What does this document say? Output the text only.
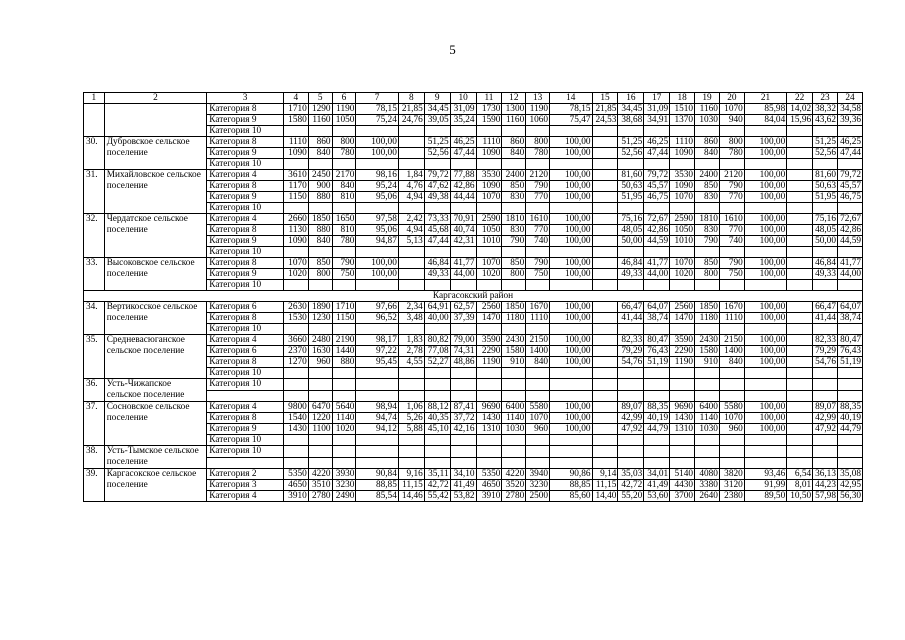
5
1	2	3	4	5	6	7	8	9	10	11	12	13	14	15	16	17	18	19	20	21	22	23	24
		Категория 8	1710	1290	1190	78,15	21,85	34,45	31,09	1730	1300	1190	78,15	21,85	34,45	31,09	1510	1160	1070	85,98	14,02	38,32	34,58
		Категория 9	1580	1160	1050	75,24	24,76	39,05	35,24	1590	1160	1060	75,47	24,53	38,68	34,91	1370	1030	940	84,04	15,96	43,62	39,36
		Категория 10																					
30.	Дубровское сельское поселение	Категория 8	1110	860	800	100,00		51,25	46,25	1110	860	800	100,00		51,25	46,25	1110	860	800	100,00		51,25	46,25
		Категория 9	1090	840	780	100,00		52,56	47,44	1090	840	780	100,00		52,56	47,44	1090	840	780	100,00		52,56	47,44
		Категория 10																					
31.	Михайловское сельское поселение	Категория 4	3610	2450	2170	98,16	1,84	79,72	77,88	3530	2400	2120	100,00		81,60	79,72	3530	2400	2120	100,00		81,60	79,72
		Категория 8	1170	900	840	95,24	4,76	47,62	42,86	1090	850	790	100,00		50,63	45,57	1090	850	790	100,00		50,63	45,57
		Категория 9	1150	880	810	95,06	4,94	49,38	44,44	1070	830	770	100,00		51,95	46,75	1070	830	770	100,00		51,95	46,75
		Категория 10																					
32.	Чердатское сельское поселение	Категория 4	2660	1850	1650	97,58	2,42	73,33	70,91	2590	1810	1610	100,00		75,16	72,67	2590	1810	1610	100,00		75,16	72,67
		Категория 8	1130	880	810	95,06	4,94	45,68	40,74	1050	830	770	100,00		48,05	42,86	1050	830	770	100,00		48,05	42,86
		Категория 9	1090	840	780	94,87	5,13	47,44	42,31	1010	790	740	100,00		50,00	44,59	1010	790	740	100,00		50,00	44,59
		Категория 10																					
33.	Высоковское сельское поселение	Категория 8	1070	850	790	100,00		46,84	41,77	1070	850	790	100,00		46,84	41,77	1070	850	790	100,00		46,84	41,77
		Категория 9	1020	800	750	100,00		49,33	44,00	1020	800	750	100,00		49,33	44,00	1020	800	750	100,00		49,33	44,00
		Категория 10																					
Каргасокский район																							
34.	Вертикосское сельское поселение	Категория 6	2630	1890	1710	97,66	2,34	64,91	62,57	2560	1850	1670	100,00		66,47	64,07	2560	1850	1670	100,00		66,47	64,07
		Категория 8	1530	1230	1150	96,52	3,48	40,00	37,39	1470	1180	1110	100,00		41,44	38,74	1470	1180	1110	100,00		41,44	38,74
		Категория 10																					
35.	Средневасюганское сельское поселение	Категория 4	3660	2480	2190	98,17	1,83	80,82	79,00	3590	2430	2150	100,00		82,33	80,47	3590	2430	2150	100,00		82,33	80,47
		Категория 6	2370	1630	1440	97,22	2,78	77,08	74,31	2290	1580	1400	100,00		79,29	76,43	2290	1580	1400	100,00		79,29	76,43
		Категория 8	1270	960	880	95,45	4,55	52,27	48,86	1190	910	840	100,00		54,76	51,19	1190	910	840	100,00		54,76	51,19
		Категория 10																					
36.	Усть-Чижапское сельское поселение	Категория 10																					

37.	Сосновское сельское поселение	Категория 4	9800	6470	5640	98,94	1,06	88,12	87,41	9690	6400	5580	100,00		89,07	88,35	9690	6400	5580	100,00		89,07	88,35
		Категория 8	1540	1220	1140	94,74	5,26	40,35	37,72	1430	1140	1070	100,00		42,99	40,19	1430	1140	1070	100,00		42,99	40,19
		Категория 9	1430	1100	1020	94,12	5,88	45,10	42,16	1310	1030	960	100,00		47,92	44,79	1310	1030	960	100,00		47,92	44,79
		Категория 10																					
38.	Усть-Тымское сельское поселение	Категория 10																					

39.	Каргасокское сельское поселение	Категория 2	5350	4220	3930	90,84	9,16	35,11	34,10	5350	4220	3940	90,86	9,14	35,03	34,01	5140	4080	3820	93,46	6,54	36,13	35,08
		Категория 3	4650	3510	3230	88,85	11,15	42,72	41,49	4650	3520	3230	88,85	11,15	42,72	41,49	4430	3380	3120	91,99	8,01	44,23	42,95
		Категория 4	3910	2780	2490	85,54	14,46	55,42	53,82	3910	2780	2500	85,60	14,40	55,20	53,60	3700	2640	2380	89,50	10,50	57,98	56,30
